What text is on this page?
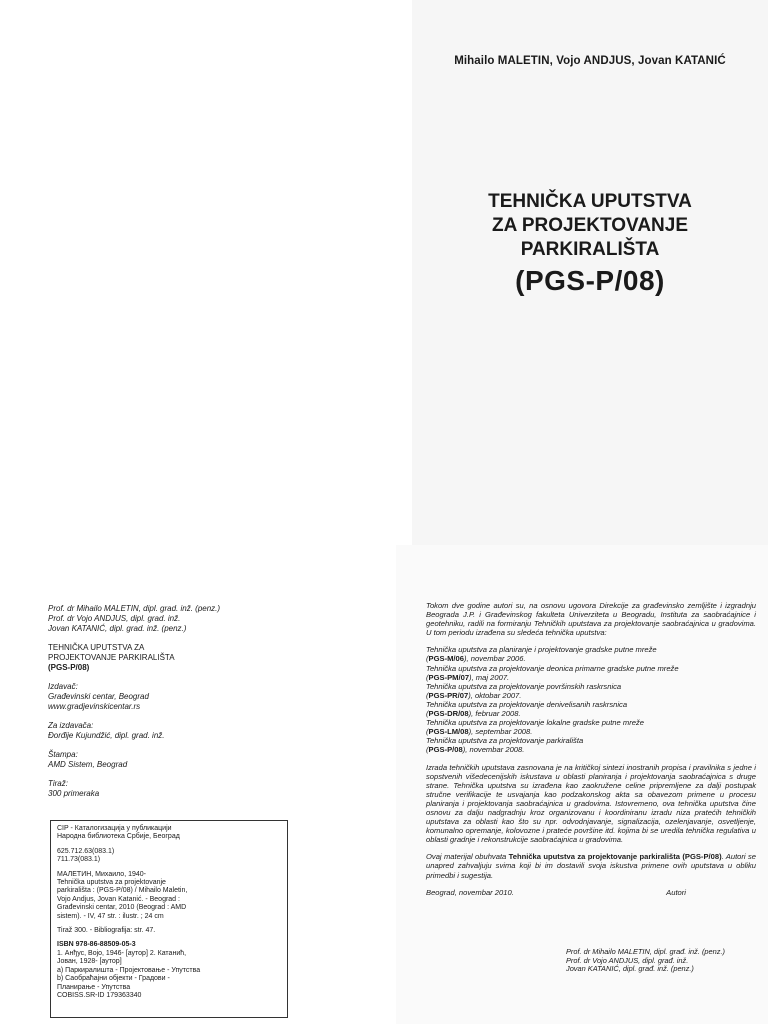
Mihailo MALETIN, Vojo ANDJUS, Jovan KATANIĆ
TEHNIČKA UPUTSTVA
ZA PROJEKTOVANJE
PARKIRALIŠTA
(PGS-P/08)
Prof. dr Mihailo MALETIN, dipl. grad. inž. (penz.)
Prof. dr Vojo ANDJUS, dipl. grad. inž.
Jovan KATANIĆ, dipl. grad. inž. (penz.)
TEHNIČKA UPUTSTVA ZA
PROJEKTOVANJE PARKIRALIŠTA
(PGS-P/08)
Izdavač:
Građevinski centar, Beograd
www.gradjevinskicentar.rs
Za izdavača:
Đorđije Kujundžić, dipl. grad. inž.
Štampa:
AMD Sistem, Beograd
Tiraž:
300 primeraka
CIP - Каталогизација у публикацији
Народна библиотека Србије, Београд
625.712.63(083.1)
711.73(083.1)
МАЛЕТИН, Михаило, 1940-
Tehnička uputstva za projektovanje
parkirališta : (PGS-P/08) / Mihailo Maletin,
Vojo Andjus, Jovan Katanić. - Beograd :
Građevinski centar, 2010 (Beograd : AMD
sistem). - IV, 47 str. : ilustr. ; 24 cm
Tiraž 300. - Bibliografija: str. 47.
ISBN 978-86-88509-05-3
1. Анђус, Војо, 1946- [аутор] 2. Катанић,
Јован, 1928- [аутор]
а) Паркиралишта - Пројектовање - Упутства
b) Саобраћајни објекти - Градови -
Планирање - Упутства
COBISS.SR-ID 179363340
Tokom dve godine autori su, na osnovu ugovora Direkcije za građevinsko zemljište i izgradnju Beograda J.P. i Građevinskog fakulteta Univerziteta u Beogradu, Instituta za saobraćajnice i geotehniku, radili na formiranju Tehničkih uputstava za projektovanje saobraćajnica u gradovima. U tom periodu izrađena su sledeća tehnička uputstva:
Tehnička uputstva za planiranje i projektovanje gradske putne mreže
(PGS-M/06), novembar 2006.
Tehnička uputstva za projektovanje deonica primarne gradske putne mreže
(PGS-PM/07), maj 2007.
Tehnička uputstva za projektovanje površinskih raskrsnica
(PGS-PR/07), oktobar 2007.
Tehnička uputstva za projektovanje denivelisanih raskrsnica
(PGS-DR/08), februar 2008.
Tehnička uputstva za projektovanje lokalne gradske putne mreže
(PGS-LM/08), septembar 2008.
Tehnička uputstva za projektovanje parkirališta
(PGS-P/08), novembar 2008.
Izrada tehničkih uputstava zasnovana je na kritičkoj sintezi inostranih propisa i pravilnika s jedne i sopstvenih višedecenijskih iskustava u oblasti planiranja i projektovanja saobraćajnica s druge strane. Tehnička uputstva su izrađena kao zaokružene celine pripremljene za dalji postupak stručne verifikacije te usvajanja kao podzakonskog akta sa obavezom primene u procesu planiranja i projektovanja saobraćajnica u gradovima. Istovremeno, ova tehnička uputstva čine osnovu za dalju nadgradnju kroz organizovanu i koordiniranu izradu niza pratećih tehničkih uputstava za oblasti kao što su npr. odvodnjavanje, signalizacija, ozelenjavanje, osvetljenje, komunalno opremanje, kolovozne i prateće površine itd. kojima bi se uredila tehnička regulativa u oblasti gradnje i rekonstrukcije saobraćajnica u gradovima.
Ovaj materijal obuhvata Tehnička uputstva za projektovanje parkirališta (PGS-P/08). Autori se unapred zahvaljuju svima koji bi im dostavili svoja iskustva primene ovih uputstava u obliku primedbi i sugestija.
Beograd, novembar 2010.	Autori
Prof. dr Mihailo MALETIN, dipl. građ. inž. (penz.)
Prof. dr Vojo ANDJUS, dipl. građ. inž.
Jovan KATANIĆ, dipl. građ. inž. (penz.)
